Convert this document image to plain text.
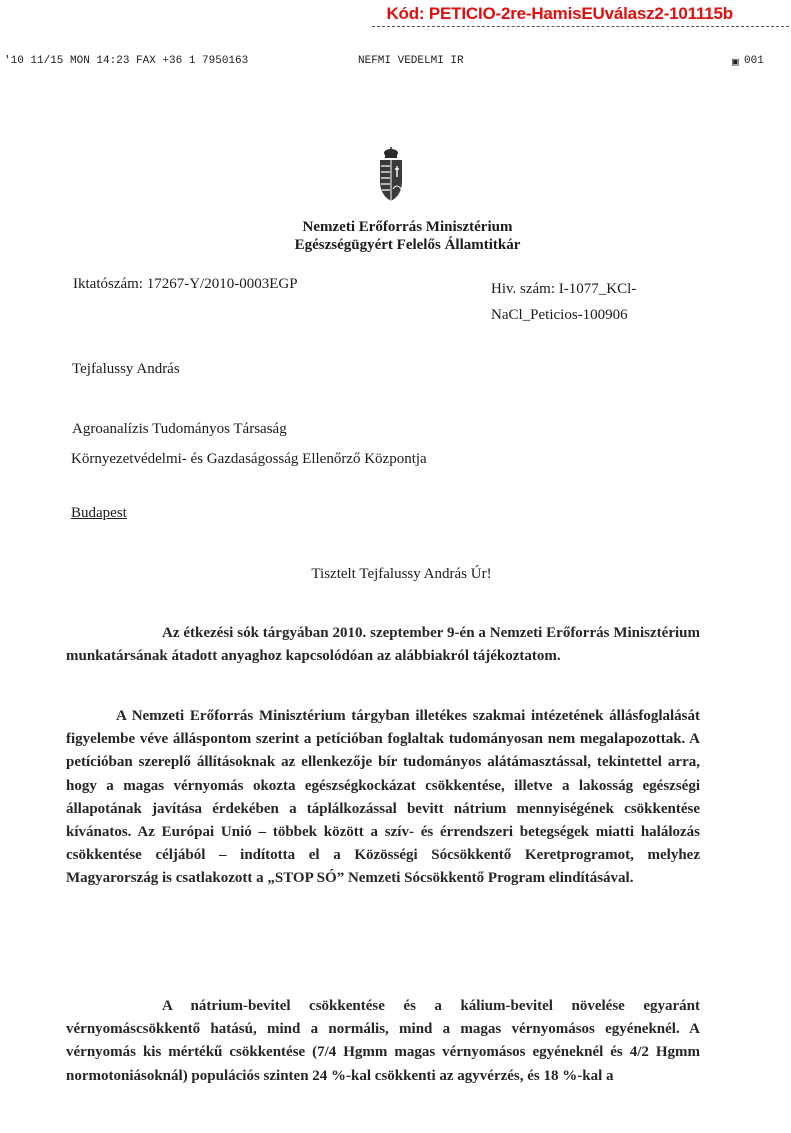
Kód: PETICIO-2re-HamisEUválasz2-101115b
'10 11/15 MON 14:23 FAX +36 1 7950163	NEFMI VEDELMI IR	▣ 001
Nemzeti Erőforrás Minisztérium
Egészségügyért Felelős Államtitkár
Iktatószám: 17267-Y/2010-0003EGP	Hiv. szám: I-1077_KCl-
NaCl_Peticios-100906
Tejfalussy András
Agroanalízis Tudományos Társaság
Környezetvédelmi- és Gazdaságosság Ellenőrző Központja
Budapest
Tisztelt Tejfalussy András Úr!
Az étkezési sók tárgyában 2010. szeptember 9-én a Nemzeti Erőforrás Minisztérium munkatársának átadott anyaghoz kapcsolódóan az alábbiakról tájékoztatom.
A Nemzeti Erőforrás Minisztérium tárgyban illetékes szakmai intézetének állásfoglalását figyelembe véve álláspontom szerint a petícióban foglaltak tudományosan nem megalapozottak. A petícióban szereplő állításoknak az ellenkezője bír tudományos alátámasztással, tekintettel arra, hogy a magas vérnyomás okozta egészségkockázat csökkentése, illetve a lakosság egészségi állapotának javítása érdekében a táplálkozással bevitt nátrium mennyiségének csökkentése kívánatos. Az Európai Unió – többek között a szív- és érrendszeri betegségek miatti halálozás csökkentése céljából – indította el a Közösségi Sócsökkentő Keretprogramot, melyhez Magyarország is csatlakozott a „STOP SÓ” Nemzeti Sócsökkentő Program elindításával.
A nátrium-bevitel csökkentése és a kálium-bevitel növelése egyaránt vérnyomáscsökkentő hatású, mind a normális, mind a magas vérnyomásos egyéneknél. A vérnyomás kis mértékű csökkentése (7/4 Hgmm magas vérnyomásos egyéneknél és 4/2 Hgmm normotoniásoknál) populációs szinten 24 %-kal csökkenti az agyvérzés, és 18 %-kal a
